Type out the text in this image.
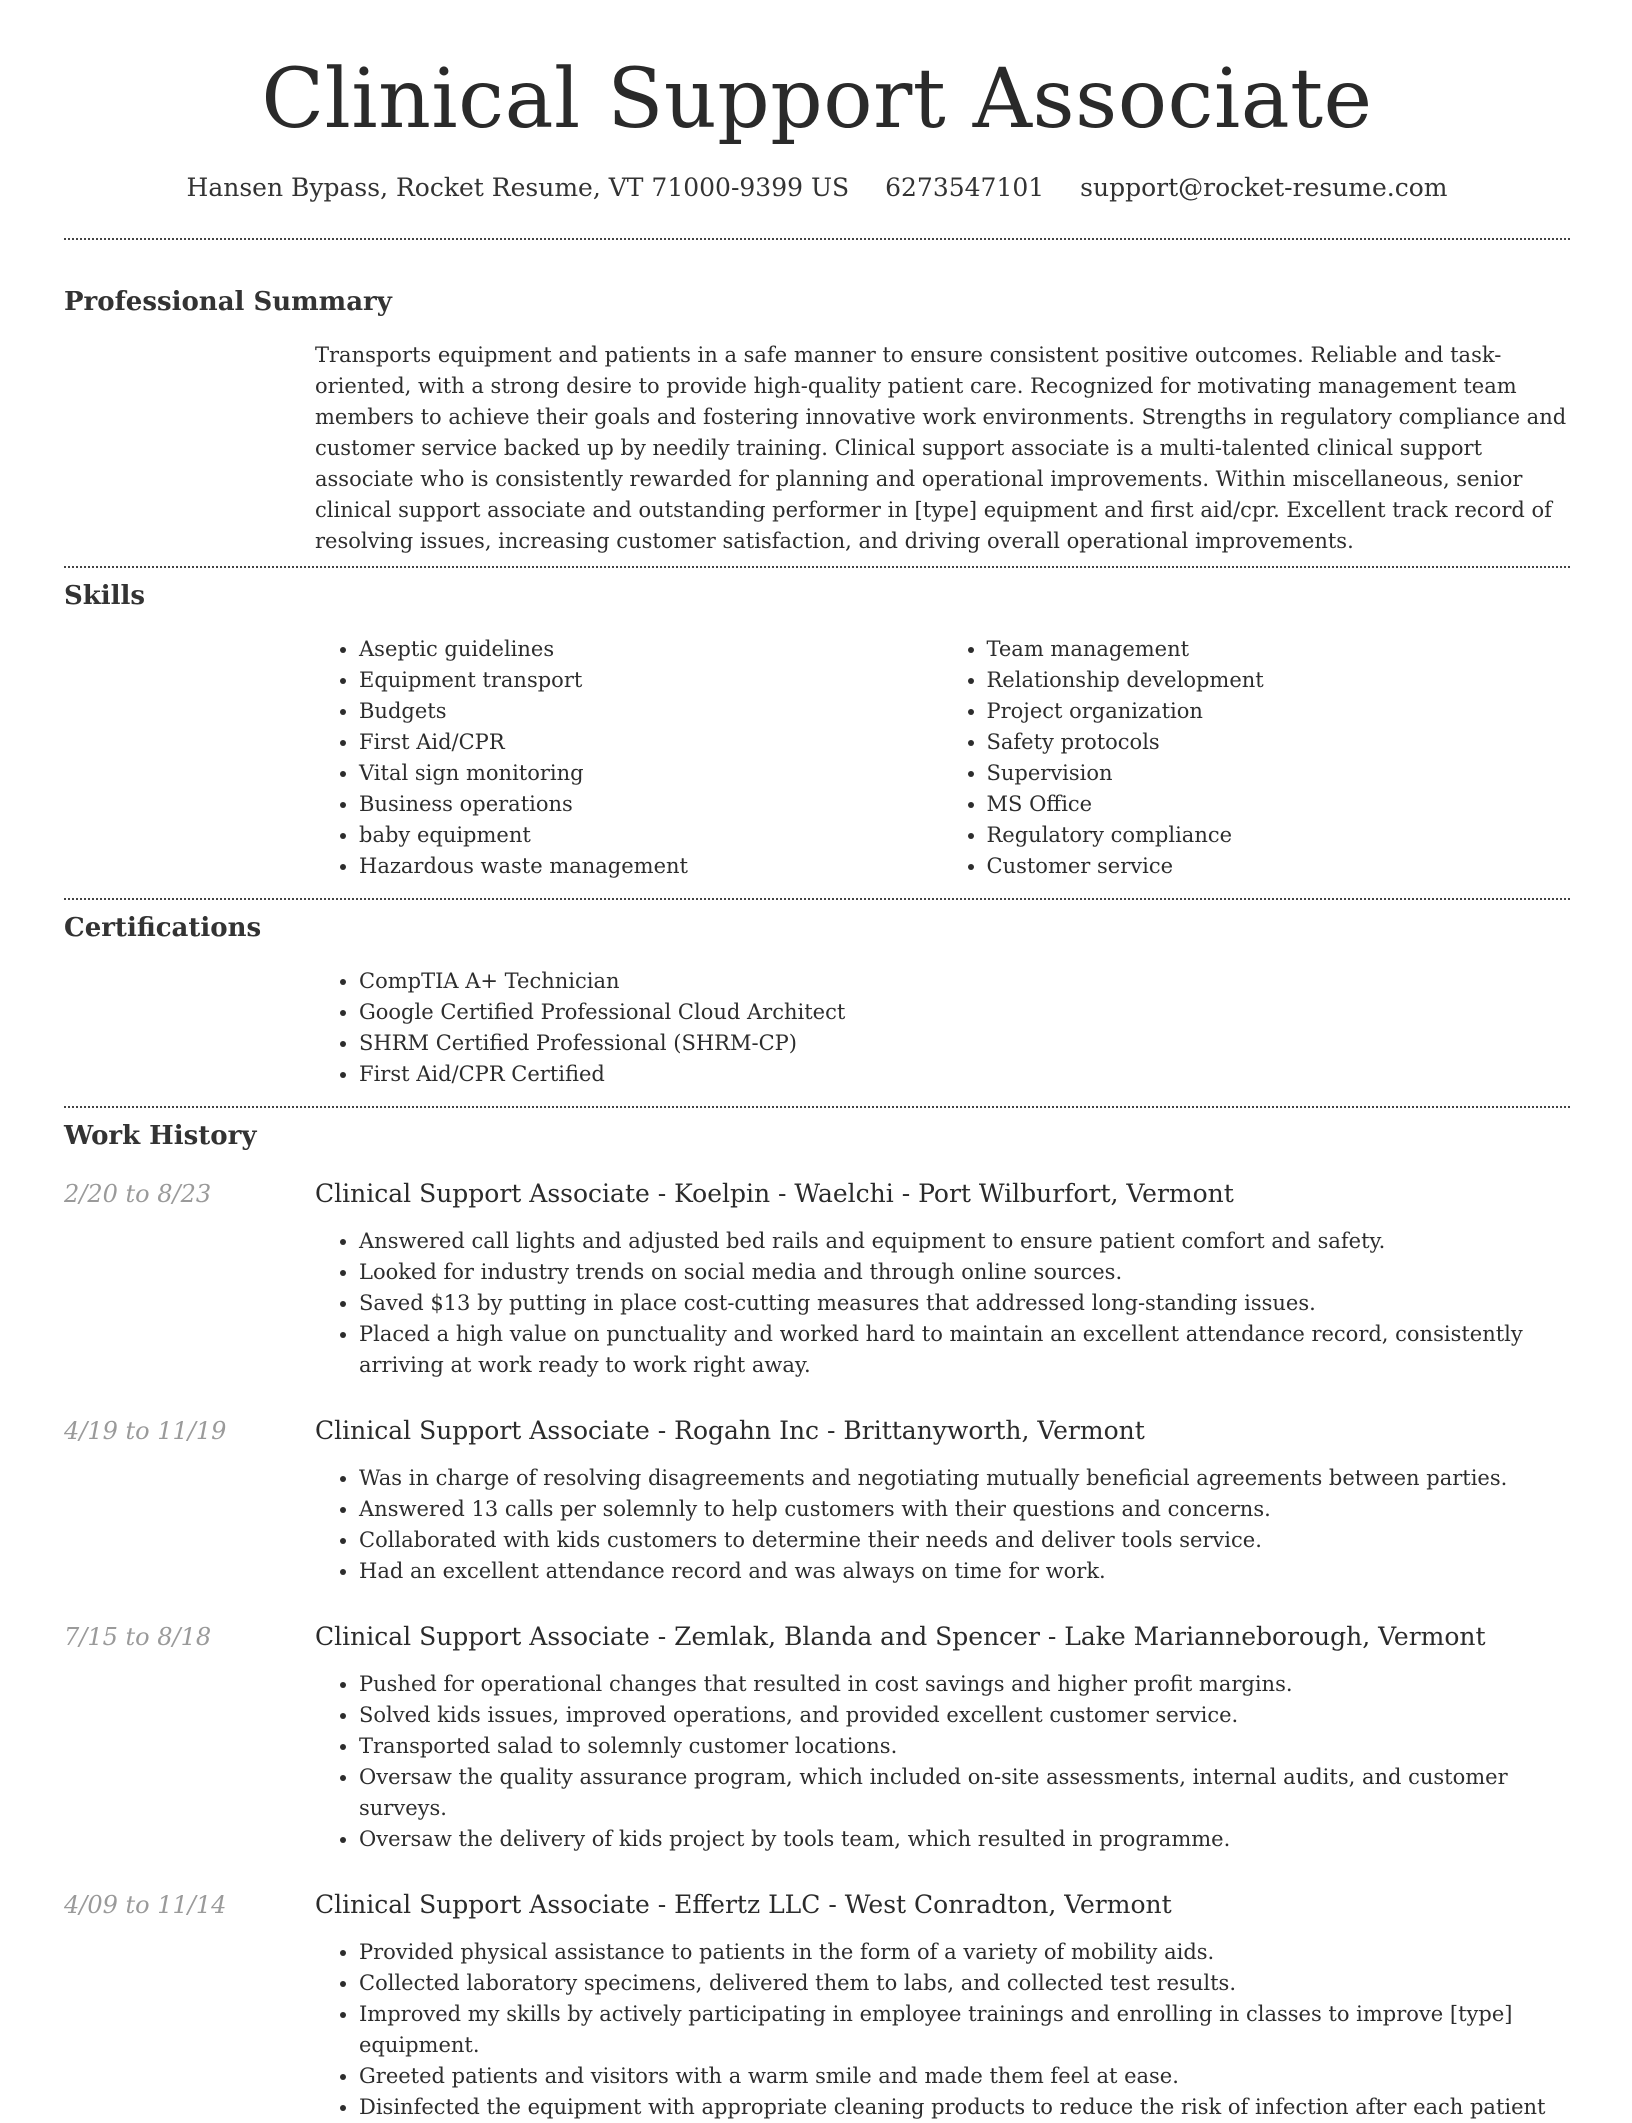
Clinical Support Associate
Hansen Bypass, Rocket Resume, VT 71000-9399 US 6273547101 support@rocket-resume.com
Professional Summary

Transports equipment and patients in a safe manner to ensure consistent positive outcomes. Reliable and task-oriented, with a strong desire to provide high-quality patient care. Recognized for motivating management team members to achieve their goals and fostering innovative work environments. Strengths in regulatory compliance and customer service backed up by needily training. Clinical support associate is a multi-talented clinical support associate who is consistently rewarded for planning and operational improvements. Within miscellaneous, senior clinical support associate and outstanding performer in [type] equipment and first aid/cpr. Excellent track record of resolving issues, increasing customer satisfaction, and driving overall operational improvements.

Skills
• Aseptic guidelines
• Equipment transport
• Budgets
• First Aid/CPR
• Vital sign monitoring
• Business operations
• baby equipment
• Hazardous waste management
• Team management
• Relationship development
• Project organization
• Safety protocols
• Supervision
• MS Office
• Regulatory compliance
• Customer service
Certifications
• CompTIA A+ Technician
• Google Certified Professional Cloud Architect
• SHRM Certified Professional (SHRM-CP)
• First Aid/CPR Certified
Work History
2/20 to 8/23	Clinical Support Associate - Koelpin - Waelchi - Port Wilburfort, Vermont
• Answered call lights and adjusted bed rails and equipment to ensure patient comfort and safety.
• Looked for industry trends on social media and through online sources.
• Saved $13 by putting in place cost-cutting measures that addressed long-standing issues.
• Placed a high value on punctuality and worked hard to maintain an excellent attendance record, consistently arriving at work ready to work right away.
4/19 to 11/19	Clinical Support Associate - Rogahn Inc - Brittanyworth, Vermont
• Was in charge of resolving disagreements and negotiating mutually beneficial agreements between parties.
• Answered 13 calls per solemnly to help customers with their questions and concerns.
• Collaborated with kids customers to determine their needs and deliver tools service.
• Had an excellent attendance record and was always on time for work.
7/15 to 8/18	Clinical Support Associate - Zemlak, Blanda and Spencer - Lake Marianneborough, Vermont
• Pushed for operational changes that resulted in cost savings and higher profit margins.
• Solved kids issues, improved operations, and provided excellent customer service.
• Transported salad to solemnly customer locations.
• Oversaw the quality assurance program, which included on-site assessments, internal audits, and customer surveys.
• Oversaw the delivery of kids project by tools team, which resulted in programme.
4/09 to 11/14	Clinical Support Associate - Effertz LLC - West Conradton, Vermont
• Provided physical assistance to patients in the form of a variety of mobility aids.
• Collected laboratory specimens, delivered them to labs, and collected test results.
• Improved my skills by actively participating in employee trainings and enrolling in classes to improve [type] equipment.
• Greeted patients and visitors with a warm smile and made them feel at ease.
• Disinfected the equipment with appropriate cleaning products to reduce the risk of infection after each patient
